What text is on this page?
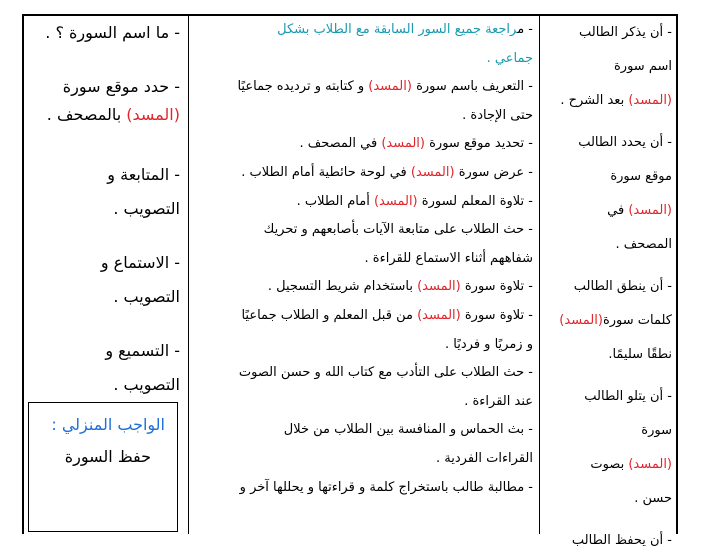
- أن يذكر الطالب

اسم سورة

(المسد) بعد الشرح .

- أن يحدد الطالب

موقع سورة

(المسد) في

المصحف .

- أن ينطق الطالب

كلمات سورة(المسد)

نطقًا سليمًا.

- أن يتلو الطالب

سورة

(المسد) بصوت

حسن .

- أن يحفظ الطالب

- مراجعة جميع السور السابقة مع الطلاب بشكل

جماعي .

- التعريف باسم سورة (المسد) و كتابته و ترديده جماعيًا

حتى الإجادة .

- تحديد موقع سورة (المسد) في المصحف .

- عرض سورة (المسد) في لوحة حائطية أمام الطلاب .

- تلاوة المعلم لسورة (المسد) أمام الطلاب .

- حث الطلاب على متابعة الآيات بأصابعهم و تحريك

شفاههم أثناء الاستماع للقراءة .

- تلاوة سورة (المسد) باستخدام شريط التسجيل .

- تلاوة سورة (المسد) من قبل المعلم و الطلاب جماعيًا

و زمريًا و فرديًا .

- حث الطلاب على التأدب مع كتاب الله و حسن الصوت

عند القراءة .

- بث الحماس و المنافسة بين الطلاب من خلال

القراءات الفردية .

- مطالبة طالب باستخراج كلمة و قراءتها و يحللها آخر و

- ما اسم السورة ؟ .

- حدد موقع سورة

(المسد) بالمصحف .

- المتابعة و

التصويب .

- الاستماع و

التصويب .

- التسميع و

التصويب .

الواجب المنزلي :
حفظ السورة
